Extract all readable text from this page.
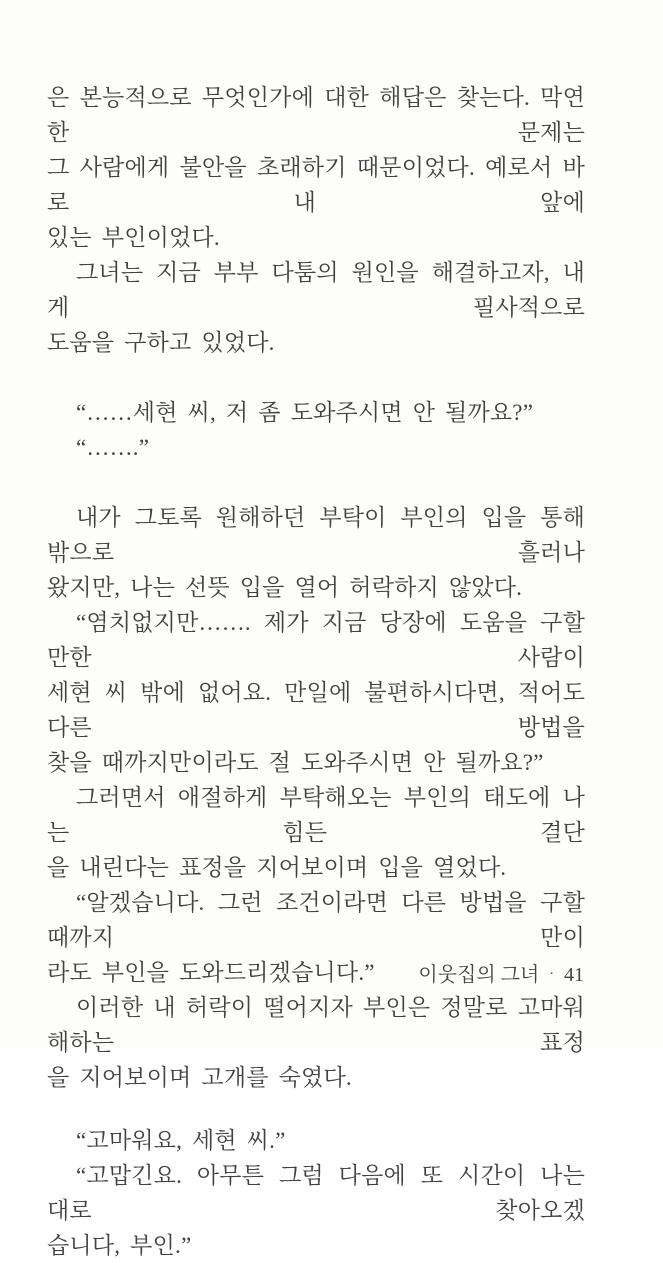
은 본능적으로 무엇인가에 대한 해답은 찾는다. 막연한 문제는
그 사람에게 불안을 초래하기 때문이었다. 예로서 바로 내 앞에
있는 부인이었다.
그녀는 지금 부부 다툼의 원인을 해결하고자, 내게 필사적으로
도움을 구하고 있었다.
“……세현 씨, 저 좀 도와주시면 안 될까요?”
“…….”
내가 그토록 원해하던 부탁이 부인의 입을 통해 밖으로 흘러나
왔지만, 나는 선뜻 입을 열어 허락하지 않았다.
“염치없지만……. 제가 지금 당장에 도움을 구할 만한 사람이
세현 씨 밖에 없어요. 만일에 불편하시다면, 적어도 다른 방법을
찾을 때까지만이라도 절 도와주시면 안 될까요?”
그러면서 애절하게 부탁해오는 부인의 태도에 나는 힘든 결단
을 내린다는 표정을 지어보이며 입을 열었다.
“알겠습니다. 그런 조건이라면 다른 방법을 구할 때까지 만이
라도 부인을 도와드리겠습니다.”
이러한 내 허락이 떨어지자 부인은 정말로 고마워해하는 표정
을 지어보이며 고개를 숙였다.
“고마워요, 세현 씨.”
“고맙긴요. 아무튼 그럼 다음에 또 시간이 나는 대로 찾아오겠
습니다, 부인.”
이웃집의 그녀 · 41
